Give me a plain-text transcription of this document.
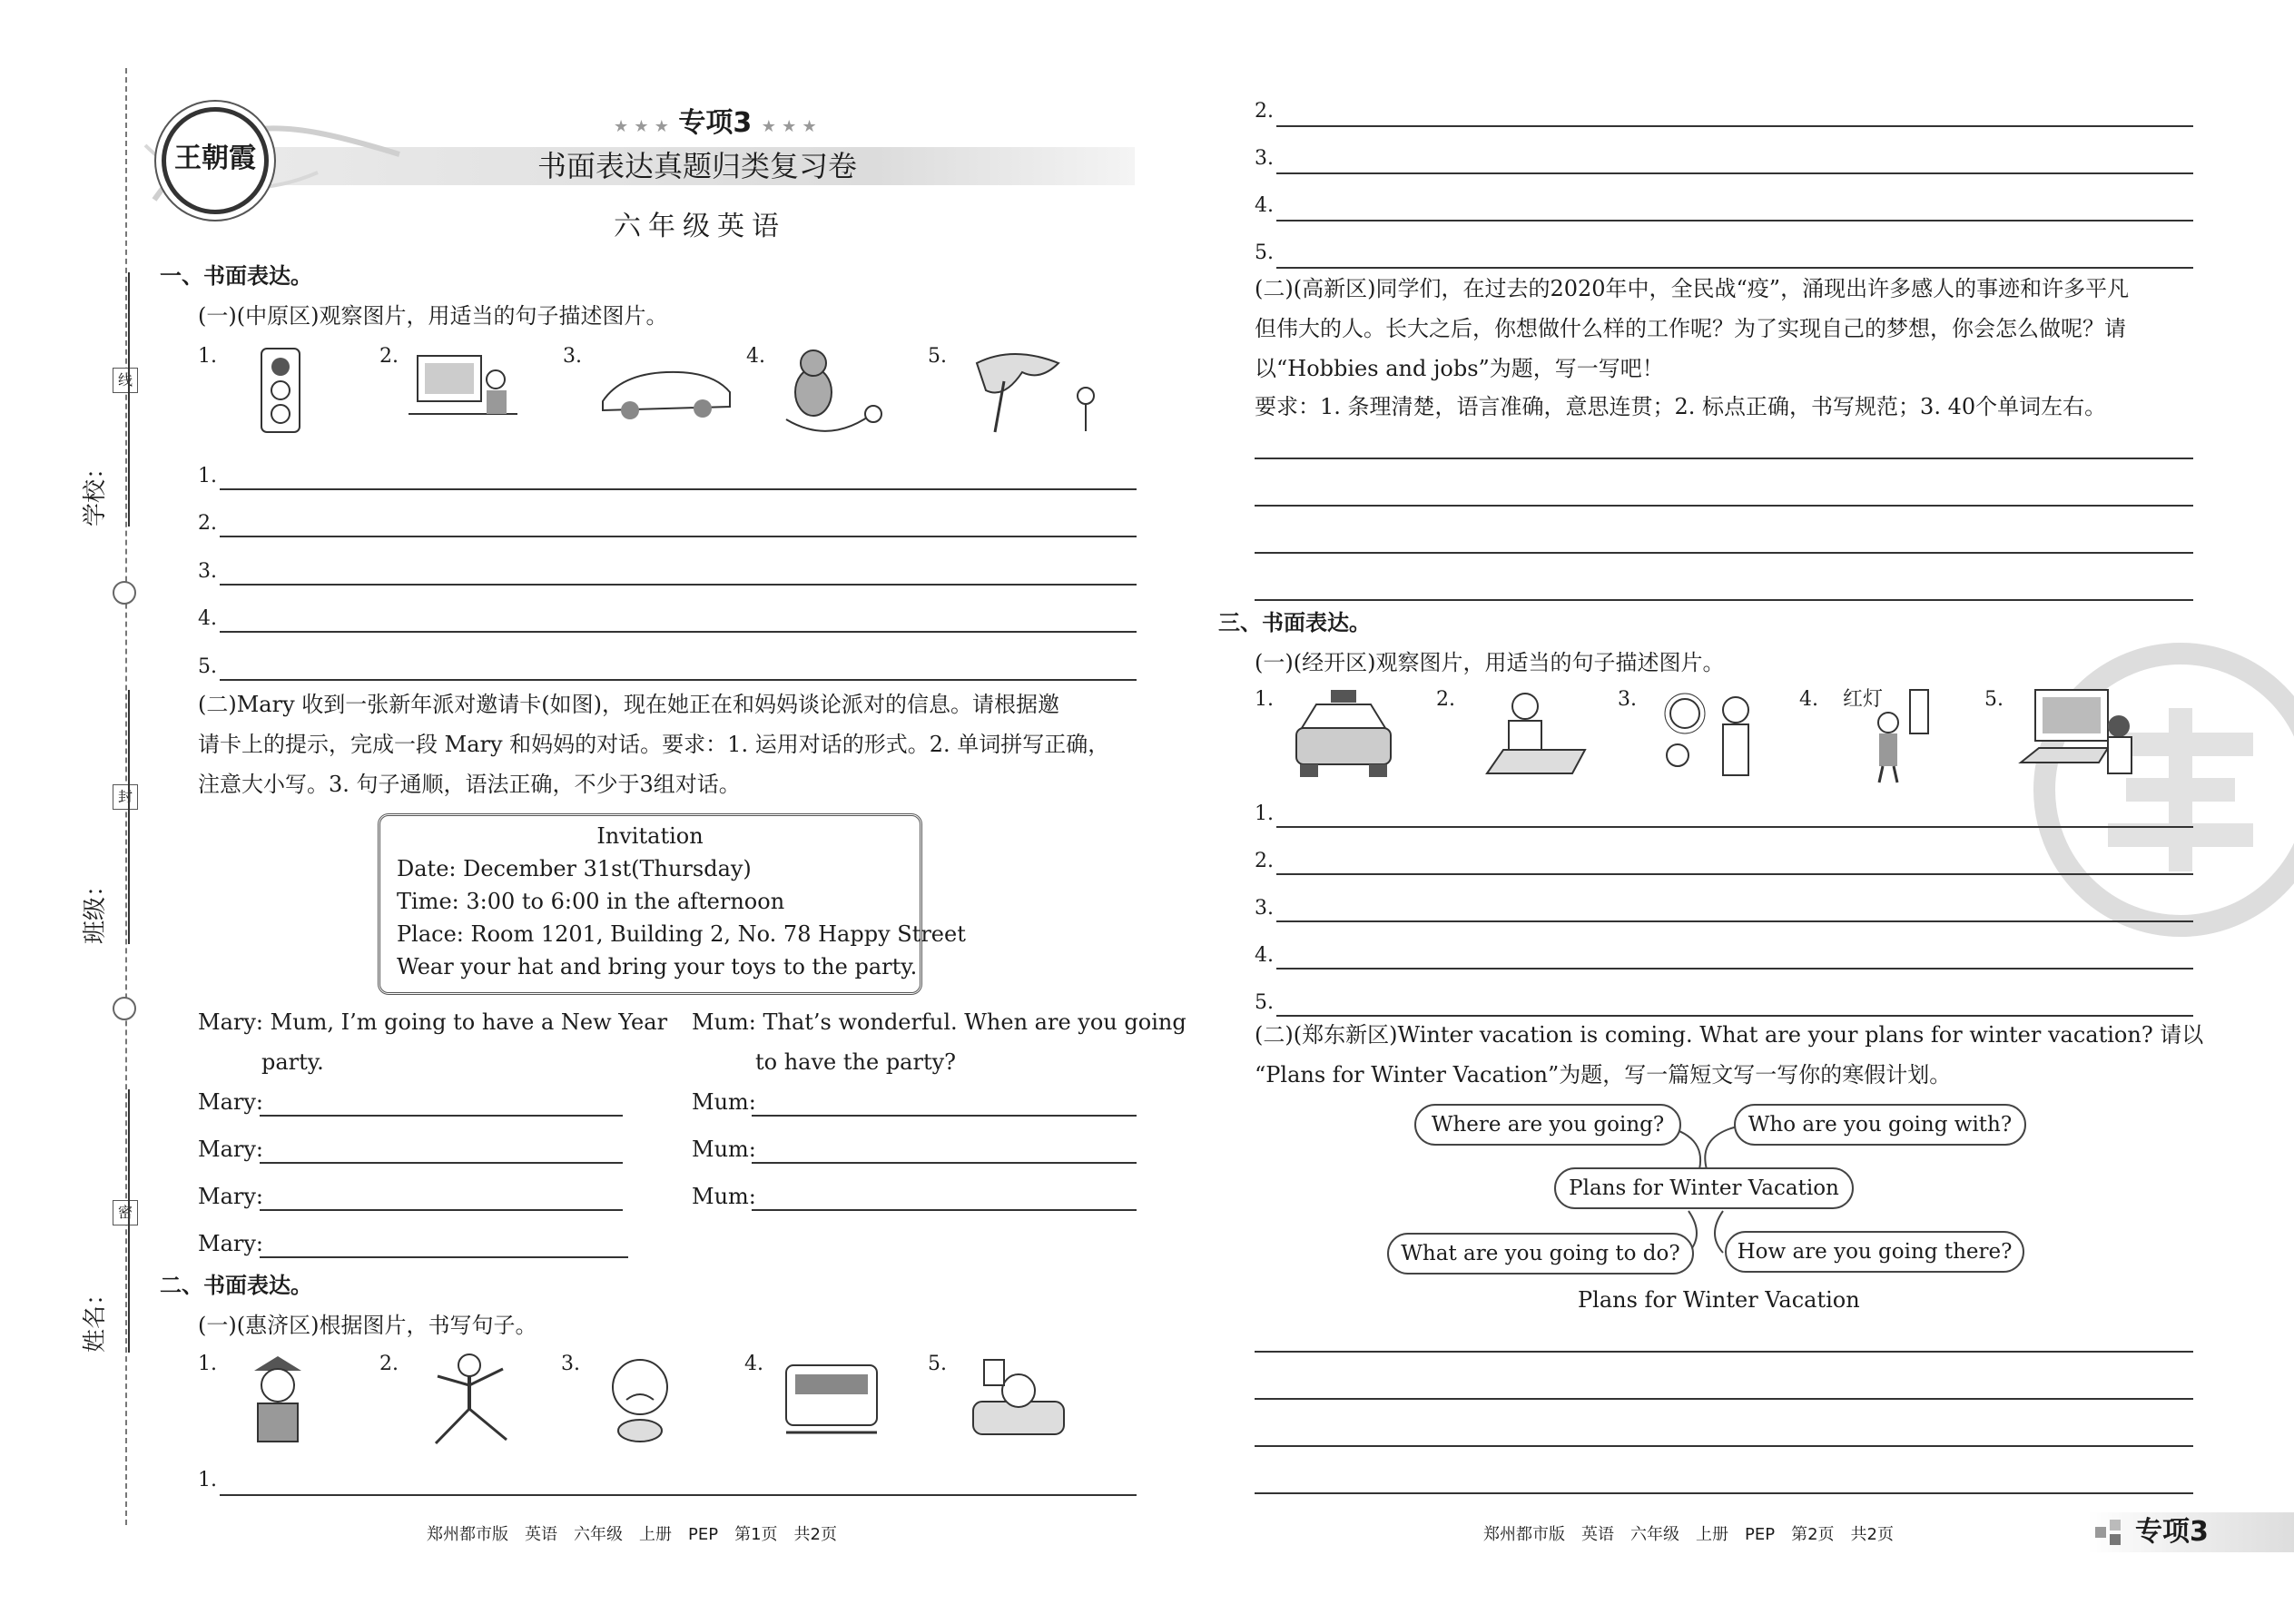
线
封
密
学校：
班级：
姓名：
王朝霞
★ ★ ★ 专项3 ★ ★ ★
书面表达真题归类复习卷
六年级英语
一、书面表达。
(一)(中原区)观察图片，用适当的句子描述图片。
1.	2.	3.	4.	5.
1.
2.
3.
4.
5.
(二)Mary 收到一张新年派对邀请卡(如图)，现在她正在和妈妈谈论派对的信息。请根据邀
请卡上的提示，完成一段 Mary 和妈妈的对话。要求：1. 运用对话的形式。2. 单词拼写正确，
注意大小写。3. 句子通顺，语法正确，不少于3组对话。
Invitation
Date: December 31st(Thursday)
Time: 3:00 to 6:00 in the afternoon
Place: Room 1201, Building 2, No. 78 Happy Street
Wear your hat and bring your toys to the party.
Mary: Mum, I’m going to have a New Year
party.
Mum: That’s wonderful. When are you going
to have the party?
Mary:	Mum:
Mary:	Mum:
Mary:	Mum:
Mary:
二、书面表达。
(一)(惠济区)根据图片，书写句子。
1.	2.	3.	4.	5.
1.
郑州都市版　英语　六年级　上册　PEP　第1页　共2页
2.
3.
4.
5.
(二)(高新区)同学们，在过去的2020年中，全民战“疫”，涌现出许多感人的事迹和许多平凡
但伟大的人。长大之后，你想做什么样的工作呢？为了实现自己的梦想，你会怎么做呢？请
以“Hobbies and jobs”为题，写一写吧！
要求：1. 条理清楚，语言准确，意思连贯；2. 标点正确，书写规范；3. 40个单词左右。
三、书面表达。
(一)(经开区)观察图片，用适当的句子描述图片。
1.	2.	3.	4. 红灯	5.
1.
2.
3.
4.
5.
(二)(郑东新区)Winter vacation is coming. What are your plans for winter vacation? 请以
“Plans for Winter Vacation”为题，写一篇短文写一写你的寒假计划。
Where are you going?	Who are you going with?
Plans for Winter Vacation
What are you going to do?	How are you going there?
Plans for Winter Vacation
郑州都市版　英语　六年级　上册　PEP　第2页　共2页	专项3
